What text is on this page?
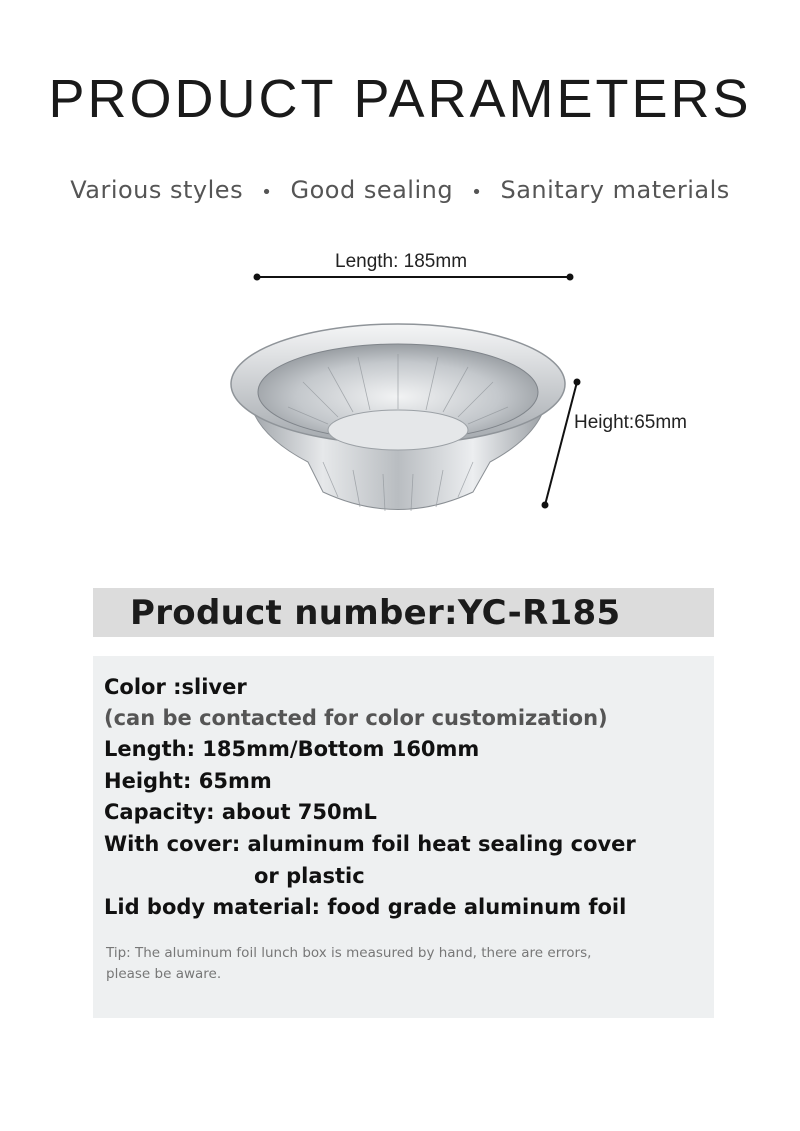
PRODUCT PARAMETERS
Various styles • Good sealing • Sanitary materials
Length: 185mm
Height:65mm
Product number:YC-R185
Color :sliver
(can be contacted for color customization)
Length: 185mm/Bottom 160mm
Height: 65mm
Capacity: about 750mL
With cover: aluminum foil heat sealing cover
or plastic
Lid body material: food grade aluminum foil
Tip: The aluminum foil lunch box is measured by hand, there are errors,
please be aware.
